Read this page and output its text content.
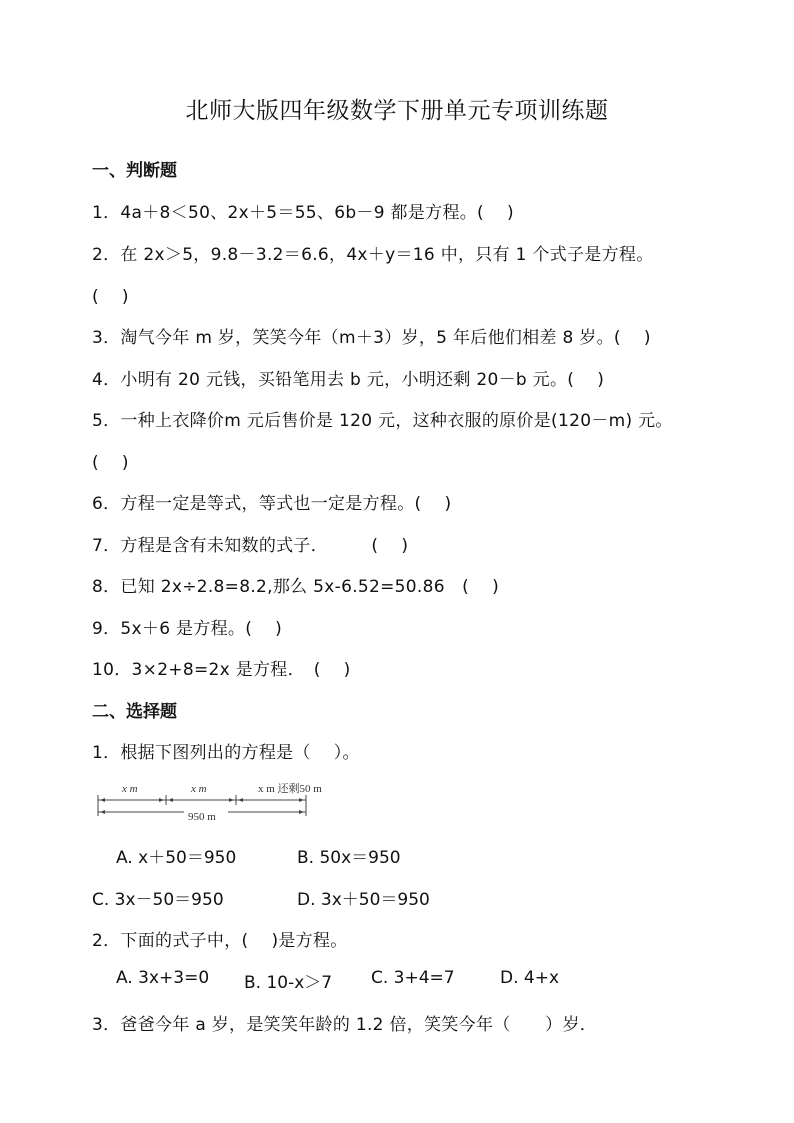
北师大版四年级数学下册单元专项训练题
一、判断题
1．4a＋8＜50、2x＋5＝55、6b－9 都是方程。(　 )
2．在 2x＞5，9.8－3.2＝6.6，4x＋y＝16 中，只有 1 个式子是方程。
(　 )
3．淘气今年 m 岁，笑笑今年（m＋3）岁，5 年后他们相差 8 岁。(　 )
4．小明有 20 元钱，买铅笔用去 b 元，小明还剩 20－b 元。(　 )
5．一种上衣降价m 元后售价是 120 元，这种衣服的原价是(120－m) 元。
(　 )
6．方程一定是等式，等式也一定是方程。(　 )
7．方程是含有未知数的式子．　　　(　 )
8．已知 2x÷2.8=8.2,那么 5x-6.52=50.86　(　 )
9．5x＋6 是方程。(　 )
10．3×2+8=2x 是方程．　(　 )
二、选择题
1．根据下图列出的方程是（　 ）。
x m	x m	x m 还剩50 m
950 m
A. x＋50＝950	B. 50x＝950
C. 3x－50＝950	D. 3x＋50＝950
2．下面的式子中，(　 )是方程。
A. 3x+3=0 B. 10-x＞7 C. 3+4=7	D. 4+x
3．爸爸今年 a 岁，是笑笑年龄的 1.2 倍，笑笑今年（　　）岁．
